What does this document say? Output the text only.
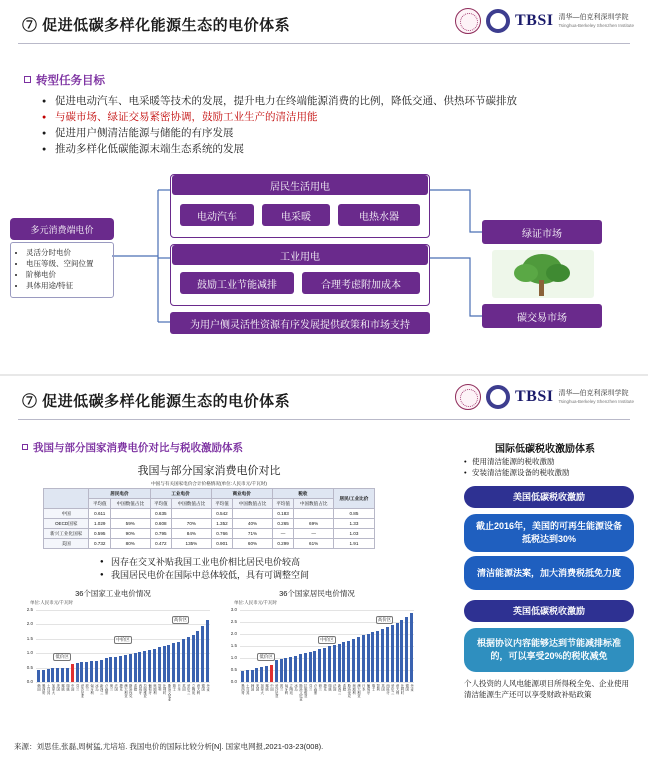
⑦ 促进低碳多样化能源生态的电价体系	TBSI 清华—伯克利深圳学院
Tsinghua-Berkeley Shenzhen Institute
转型任务目标
● 促进电动汽车、电采暖等技术的发展，提升电力在终端能源消费的比例，降低交通、供热环节碳排放
● 与碳市场、绿证交易紧密协调，鼓励工业生产的清洁用能
● 促进用户侧清洁能源与储能的有序发展
● 推动多样化低碳能源末端生态系统的发展
多元消费端电价
• 灵活分时电价
• 电压等级、空间位置
• 阶梯电价
• 具体用途/特征
居民生活用电
电动汽车	电采暖	电热水器
工业用电
鼓励工业节能减排	合理考虑附加成本
为用户侧灵活性资源有序发展提供政策和市场支持
绿证市场
碳交易市场
⑦ 促进低碳多样化能源生态的电价体系	TBSI 清华—伯克利深圳学院
Tsinghua-Berkeley Shenzhen Institute
我国与部分国家消费电价对比与税收激励体系
我国与部分国家消费电价对比
中国与有关国家电价合计价格情况(单位:人民币元/千瓦时)
	居民电价		工业电价		商业电价		税收		居民/工业比价
	平均值	中国数值占比	平均值	中国数值占比	平均值	中国数值占比	平均值	中国数值占比	
中国	0.611		0.635		0.542		0.183		0.85
OECD国家	1.029	59%	0.608	70%	1.352	40%	0.265	69%	1.33
新兴工业化国家	0.595	90%	0.795	84%	0.766	71%	—	—	1.03
美国	0.732	80%	0.472	135%	0.901	60%	0.299	61%	1.91
● 因存在交叉补贴我国工业电价相比居民电价较高
● 我国居民电价在国际中总体较低，具有可调整空间
36个国家工业电价情况
单位:人民币元/千瓦时
0.0
0.5
1.0
1.5
2.0
2.5
韩国 墨西哥 土耳其 加拿大 美国 挪威 瑞典 中国 芬兰 爱沙尼亚 波兰 匈牙利 冰岛 新西兰 卢森堡 荷兰 法国 捷克 澳大利亚 斯洛伐克 希腊 西班牙 拉脱维亚 葡萄牙 奥地利 智利 比利时 斯洛文尼亚 瑞士 日本 英国 爱尔兰 立陶宛 意大利 德国 丹麦
低价区
中价区
高价区
36个国家居民电价情况
单位:人民币元/千瓦时
0.0
0.5
1.0
1.5
2.0
2.5
3.0
墨西哥 土耳其 韩国 美国 加拿大 挪威 中国 爱沙尼亚 波兰 匈牙利 立陶宛 冰岛 斯洛文尼亚 拉脱维亚 芬兰 卢森堡 荷兰 捷克 瑞典 法国 新西兰 希腊 斯洛伐克 奥地利 澳大利亚 日本 葡萄牙 瑞士 智利 英国 西班牙 爱尔兰 意大利 比利时 德国 丹麦
低价区
中价区
高价区
国际低碳税收激励体系
• 使用清洁能源的税收激励
• 安装清洁能源设备的税收激励
美国低碳税收激励
截止2016年，美国的可再生能源设备抵税达到30%
清洁能源法案，加大消费税抵免力度
英国低碳税收激励
根据协议内容能够达到节能减排标准的，可以享受20%的税收减免
个人投资的人风电能源项目所得税全免、企业使用清洁能源生产还可以享受财政补贴政策
来源：刘思佳,张磊,周树猛,尤培培. 我国电价的国际比较分析[N]. 国家电网报,2021-03-23(008).
